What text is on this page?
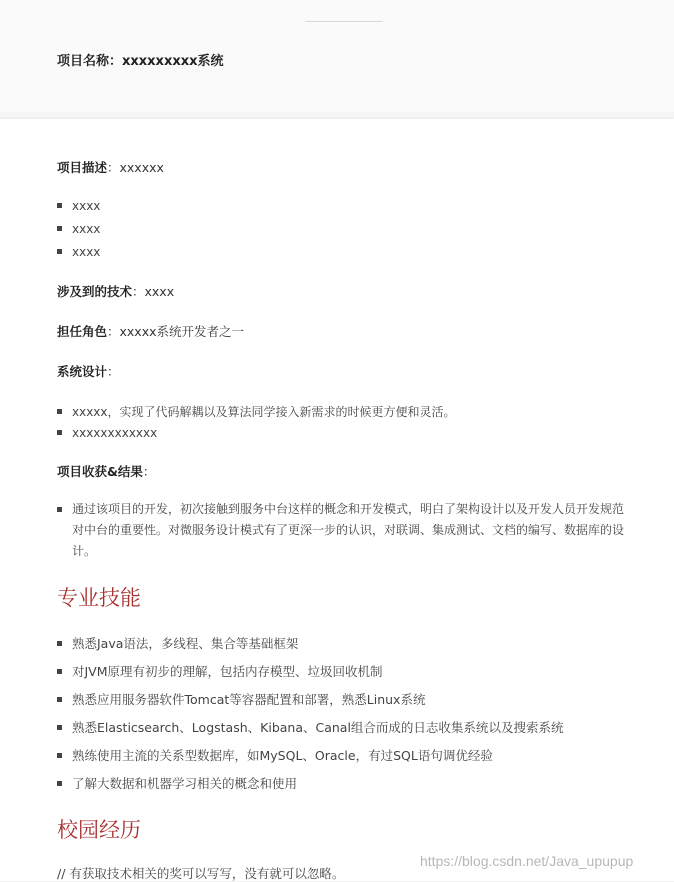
项目名称：xxxxxxxxx系统
项目描述：xxxxxx
xxxx
xxxx
xxxx
涉及到的技术：xxxx
担任角色：xxxxx系统开发者之一
系统设计：
xxxxx，实现了代码解耦以及算法同学接入新需求的时候更方便和灵活。
xxxxxxxxxxxx
项目收获&结果：
通过该项目的开发，初次接触到服务中台这样的概念和开发模式，明白了架构设计以及开发人员开发规范对中台的重要性。对微服务设计模式有了更深一步的认识，对联调、集成测试、文档的编写、数据库的设计。
专业技能
熟悉Java语法，多线程、集合等基础框架
对JVM原理有初步的理解，包括内存模型、垃圾回收机制
熟悉应用服务器软件Tomcat等容器配置和部署，熟悉Linux系统
熟悉Elasticsearch、Logstash、Kibana、Canal组合而成的日志收集系统以及搜索系统
熟练使用主流的关系型数据库，如MySQL、Oracle，有过SQL语句调优经验
了解大数据和机器学习相关的概念和使用
校园经历
// 有获取技术相关的奖可以写写，没有就可以忽略。
https://blog.csdn.net/Java_upupup
